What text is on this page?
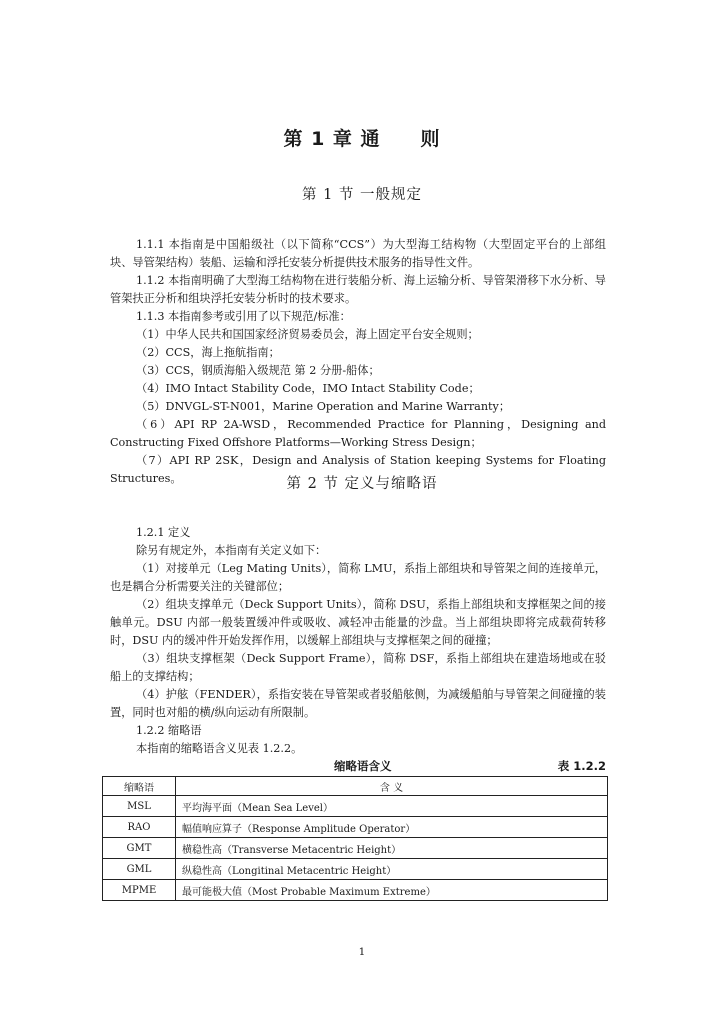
第 1 章 通 则
第 1 节 一般规定

1.1.1 本指南是中国船级社（以下简称“CCS”）为大型海工结构物（大型固定平台的上部组块、导管架结构）装船、运输和浮托安装分析提供技术服务的指导性文件。

1.1.2 本指南明确了大型海工结构物在进行装船分析、海上运输分析、导管架滑移下水分析、导管架扶正分析和组块浮托安装分析时的技术要求。

1.1.3 本指南参考或引用了以下规范/标准：

（1）中华人民共和国国家经济贸易委员会，海上固定平台安全规则；

（2）CCS，海上拖航指南；

（3）CCS，钢质海船入级规范 第 2 分册-船体；

（4）IMO Intact Stability Code，IMO Intact Stability Code；

（5）DNVGL-ST-N001，Marine Operation and Marine Warranty；

（6）API RP 2A-WSD，Recommended Practice for Planning，Designing and Constructing Fixed Offshore Platforms—Working Stress Design；

（7）API RP 2SK，Design and Analysis of Station keeping Systems for Floating Structures。	第 2 节 定义与缩略语

1.2.1 定义

除另有规定外，本指南有关定义如下：

（1）对接单元（Leg Mating Units），简称 LMU，系指上部组块和导管架之间的连接单元，也是耦合分析需要关注的关键部位；

（2）组块支撑单元（Deck Support Units），简称 DSU，系指上部组块和支撑框架之间的接触单元。DSU 内部一般装置缓冲件或吸收、减轻冲击能量的沙盘。当上部组块即将完成载荷转移时，DSU 内的缓冲件开始发挥作用，以缓解上部组块与支撑框架之间的碰撞；

（3）组块支撑框架（Deck Support Frame），简称 DSF，系指上部组块在建造场地或在驳船上的支撑结构；

（4）护舷（FENDER），系指安装在导管架或者驳船舷侧，为减缓船舶与导管架之间碰撞的装置，同时也对船的横/纵向运动有所限制。

1.2.2 缩略语

本指南的缩略语含义见表 1.2.2。

缩略语含义	表 1.2.2
缩略语	含 义
MSL	平均海平面（Mean Sea Level）
RAO	幅值响应算子（Response Amplitude Operator）
GMT	横稳性高（Transverse Metacentric Height）
GML	纵稳性高（Longitinal Metacentric Height）
MPME	最可能极大值（Most Probable Maximum Extreme）
1
